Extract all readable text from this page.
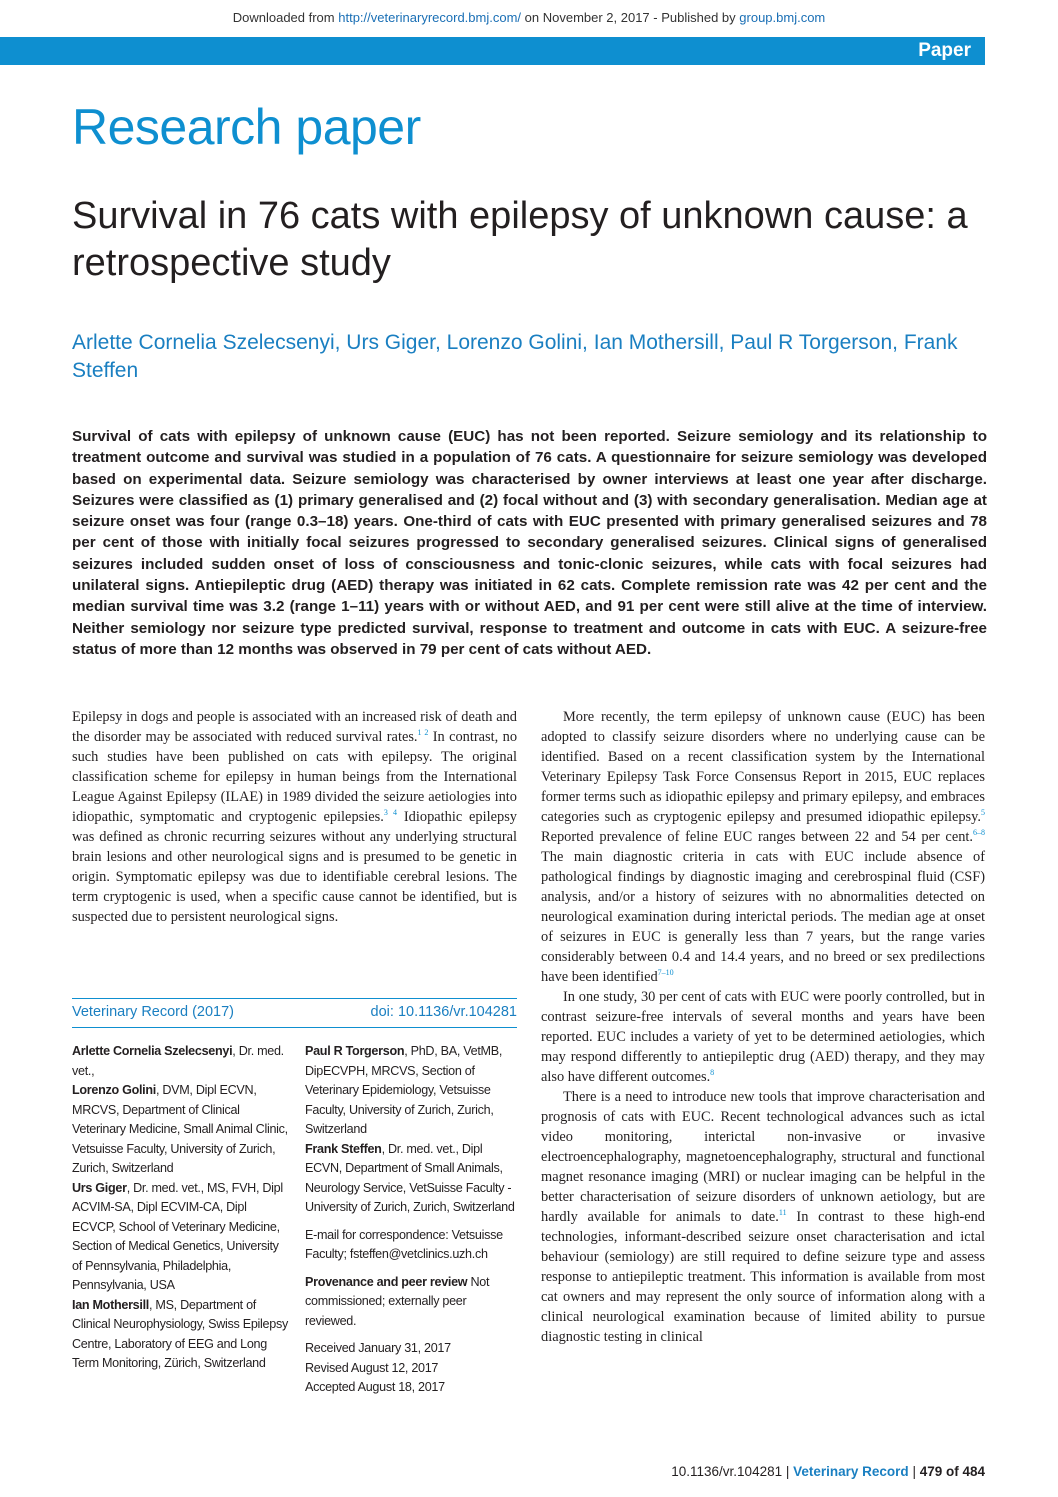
Downloaded from http://veterinaryrecord.bmj.com/ on November 2, 2017 - Published by group.bmj.com
Paper
Research paper
Survival in 76 cats with epilepsy of unknown cause: a retrospective study
Arlette Cornelia Szelecsenyi, Urs Giger, Lorenzo Golini, Ian Mothersill, Paul R Torgerson, Frank Steffen
Survival of cats with epilepsy of unknown cause (EUC) has not been reported. Seizure semiology and its relationship to treatment outcome and survival was studied in a population of 76 cats. A questionnaire for seizure semiology was developed based on experimental data. Seizure semiology was characterised by owner interviews at least one year after discharge. Seizures were classified as (1) primary generalised and (2) focal without and (3) with secondary generalisation. Median age at seizure onset was four (range 0.3–18) years. One-third of cats with EUC presented with primary generalised seizures and 78 per cent of those with initially focal seizures progressed to secondary generalised seizures. Clinical signs of generalised seizures included sudden onset of loss of consciousness and tonic-clonic seizures, while cats with focal seizures had unilateral signs. Antiepileptic drug (AED) therapy was initiated in 62 cats. Complete remission rate was 42 per cent and the median survival time was 3.2 (range 1–11) years with or without AED, and 91 per cent were still alive at the time of interview. Neither semiology nor seizure type predicted survival, response to treatment and outcome in cats with EUC. A seizure-free status of more than 12 months was observed in 79 per cent of cats without AED.

Epilepsy in dogs and people is associated with an increased risk of death and the disorder may be associated with reduced survival rates.$^{1 2}$ In contrast, no such studies have been published on cats with epilepsy. The original classification scheme for epilepsy in human beings from the International League Against Epilepsy (ILAE) in 1989 divided the seizure aetiologies into idiopathic, symptomatic and cryptogenic epilepsies.$^{3 4}$ Idiopathic epilepsy was defined as chronic recurring seizures without any underlying structural brain lesions and other neurological signs and is presumed to be genetic in origin. Symptomatic epilepsy was due to identifiable cerebral lesions. The term cryptogenic is used, when a specific cause cannot be identified, but is suspected due to persistent neurological signs.

Veterinary Record (2017)	doi: 10.1136/vr.104281

Arlette Cornelia Szelecsenyi, Dr. med. vet.,

Lorenzo Golini, DVM, Dipl ECVN, MRCVS, Department of Clinical Veterinary Medicine, Small Animal Clinic, Vetsuisse Faculty, University of Zurich, Zurich, Switzerland

Urs Giger, Dr. med. vet., MS, FVH, Dipl ACVIM-SA, Dipl ECVIM-CA, Dipl ECVCP, School of Veterinary Medicine, Section of Medical Genetics, University of Pennsylvania, Philadelphia, Pennsylvania, USA

Ian Mothersill, MS, Department of Clinical Neurophysiology, Swiss Epilepsy Centre, Laboratory of EEG and Long Term Monitoring, Zürich, Switzerland

Paul R Torgerson, PhD, BA, VetMB, DipECVPH, MRCVS, Section of Veterinary Epidemiology, Vetsuisse Faculty, University of Zurich, Zurich, Switzerland

Frank Steffen, Dr. med. vet., Dipl ECVN, Department of Small Animals, Neurology Service, VetSuisse Faculty - University of Zurich, Zurich, Switzerland

E-mail for correspondence: Vetsuisse Faculty; fsteffen@vetclinics.uzh.ch

Provenance and peer review Not commissioned; externally peer reviewed.

Received January 31, 2017

Revised August 12, 2017

Accepted August 18, 2017

More recently, the term epilepsy of unknown cause (EUC) has been adopted to classify seizure disorders where no underlying cause can be identified. Based on a recent classification system by the International Veterinary Epilepsy Task Force Consensus Report in 2015, EUC replaces former terms such as idiopathic epilepsy and primary epilepsy, and embraces categories such as cryptogenic epilepsy and presumed idiopathic epilepsy.$^5$ Reported prevalence of feline EUC ranges between 22 and 54 per cent.$^{6-8}$ The main diagnostic criteria in cats with EUC include absence of pathological findings by diagnostic imaging and cerebrospinal fluid (CSF) analysis, and/or a history of seizures with no abnormalities detected on neurological examination during interictal periods. The median age at onset of seizures in EUC is generally less than 7 years, but the range varies considerably between 0.4 and 14.4 years, and no breed or sex predilections have been identified$^{7-10}$

In one study, 30 per cent of cats with EUC were poorly controlled, but in contrast seizure-free intervals of several months and years have been reported. EUC includes a variety of yet to be determined aetiologies, which may respond differently to antiepileptic drug (AED) therapy, and they may also have different outcomes.$^8$

There is a need to introduce new tools that improve characterisation and prognosis of cats with EUC. Recent technological advances such as ictal video monitoring, interictal non-invasive or invasive electroencephalography, magnetoencephalography, structural and functional magnet resonance imaging (MRI) or nuclear imaging can be helpful in the better characterisation of seizure disorders of unknown aetiology, but are hardly available for animals to date.$^{11}$ In contrast to these high-end technologies, informant-described seizure onset characterisation and ictal behaviour (semiology) are still required to define seizure type and assess response to antiepileptic treatment. This information is available from most cat owners and may represent the only source of information along with a clinical neurological examination because of limited ability to pursue diagnostic testing in clinical

10.1136/vr.104281 | Veterinary Record | 479 of 484
